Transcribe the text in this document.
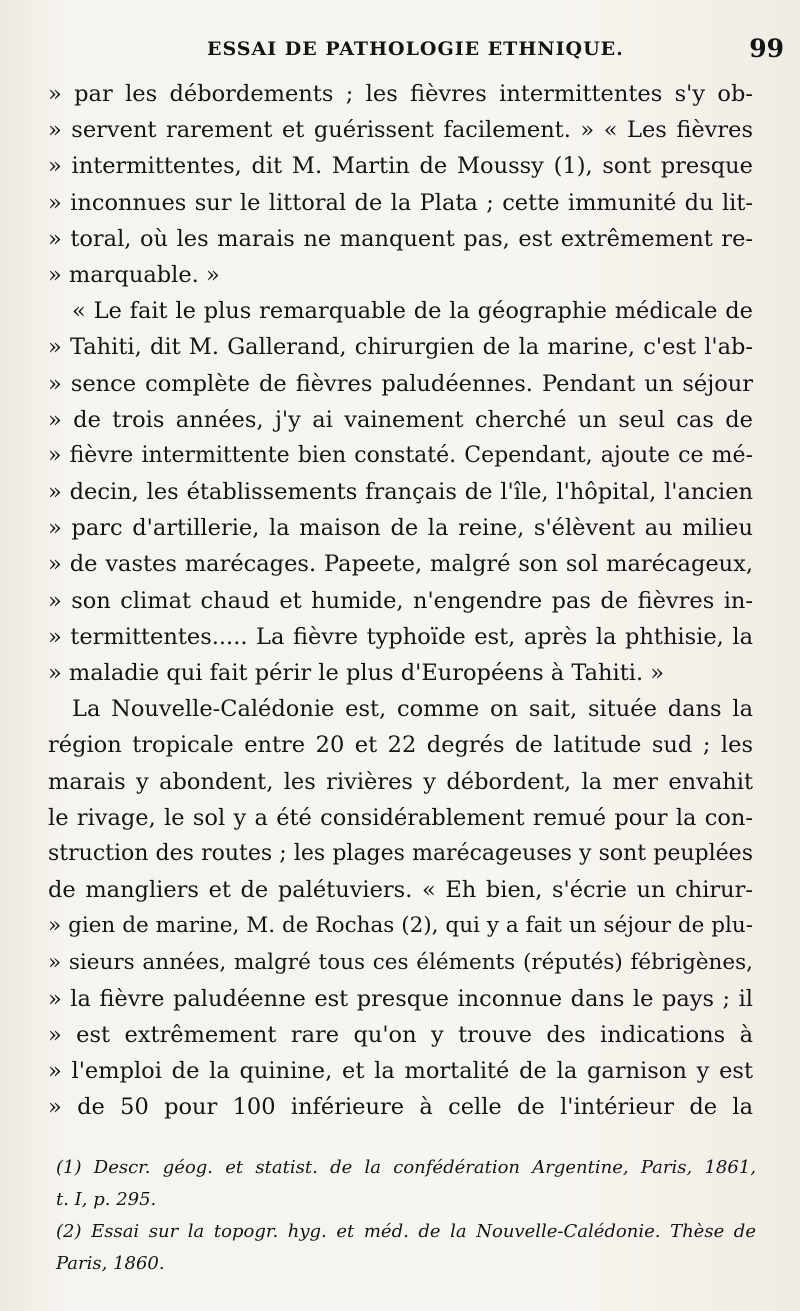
ESSAI DE PATHOLOGIE ETHNIQUE.	99
» par les débordements ; les fièvres intermittentes s'y ob-
» servent rarement et guérissent facilement. » « Les fièvres
» intermittentes, dit M. Martin de Moussy (1), sont presque
» inconnues sur le littoral de la Plata ; cette immunité du lit-
» toral, où les marais ne manquent pas, est extrêmement re-
» marquable. »
« Le fait le plus remarquable de la géographie médicale de
» Tahiti, dit M. Gallerand, chirurgien de la marine, c'est l'ab-
» sence complète de fièvres paludéennes. Pendant un séjour
» de trois années, j'y ai vainement cherché un seul cas de
» fièvre intermittente bien constaté. Cependant, ajoute ce mé-
» decin, les établissements français de l'île, l'hôpital, l'ancien
» parc d'artillerie, la maison de la reine, s'élèvent au milieu
» de vastes marécages. Papeete, malgré son sol marécageux,
» son climat chaud et humide, n'engendre pas de fièvres in-
» termittentes..... La fièvre typhoïde est, après la phthisie, la
» maladie qui fait périr le plus d'Européens à Tahiti. »
La Nouvelle-Calédonie est, comme on sait, située dans la
région tropicale entre 20 et 22 degrés de latitude sud ; les
marais y abondent, les rivières y débordent, la mer envahit
le rivage, le sol y a été considérablement remué pour la con-
struction des routes ; les plages marécageuses y sont peuplées
de mangliers et de palétuviers. « Eh bien, s'écrie un chirur-
» gien de marine, M. de Rochas (2), qui y a fait un séjour de plu-
» sieurs années, malgré tous ces éléments (réputés) fébrigènes,
» la fièvre paludéenne est presque inconnue dans le pays ; il
» est extrêmement rare qu'on y trouve des indications à
» l'emploi de la quinine, et la mortalité de la garnison y est
» de 50 pour 100 inférieure à celle de l'intérieur de la
(1) Descr. géog. et statist. de la confédération Argentine, Paris, 1861,
t. I, p. 295.
(2) Essai sur la topogr. hyg. et méd. de la Nouvelle-Calédonie. Thèse de
Paris, 1860.
